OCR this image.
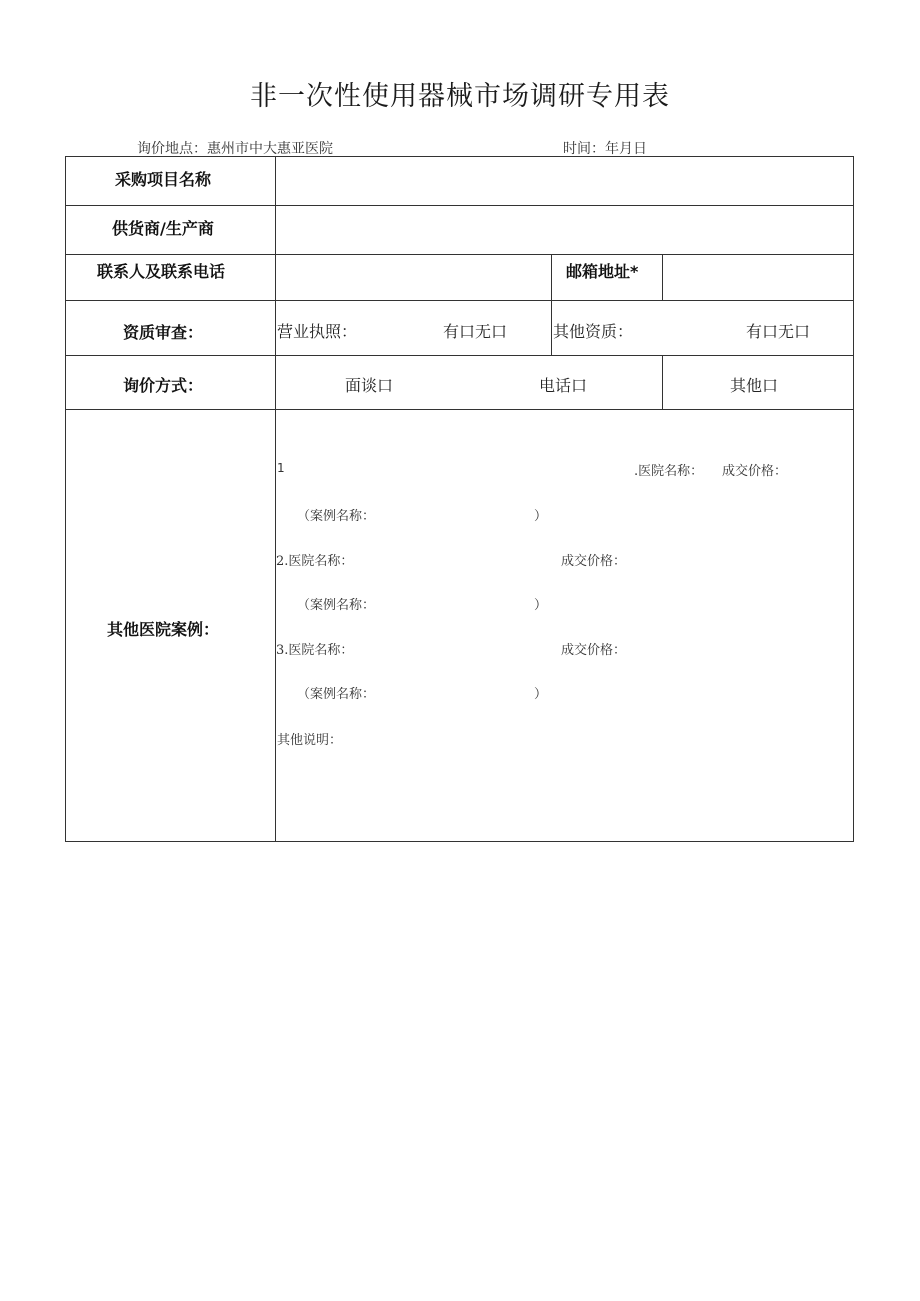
非一次性使用器械市场调研专用表
询价地点：惠州市中大惠亚医院	时间：年月日
采购项目名称
供货商/生产商
联系人及联系电话	邮箱地址*
资质审查：	营业执照：	有口无口	其他资质：	有口无口
询价方式：	面谈口	电话口	其他口
其他医院案例：
1	.医院名称： 成交价格：
（案例名称：	）
2.医院名称：	成交价格：
（案例名称：	）
3.医院名称：	成交价格：
（案例名称：	）
其他说明：
